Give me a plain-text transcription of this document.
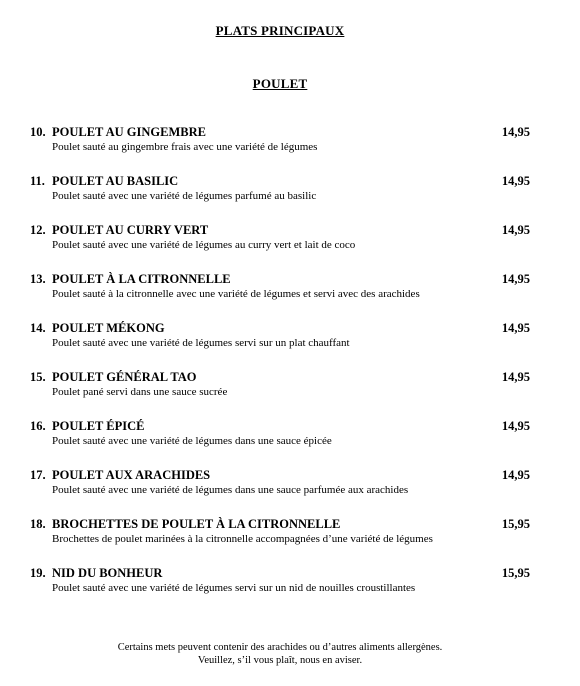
PLATS PRINCIPAUX
POULET
10. POULET AU GINGEMBRE	14,95
Poulet sauté au gingembre frais avec une variété de légumes
11. POULET AU BASILIC	14,95
Poulet sauté avec une variété de légumes parfumé au basilic
12. POULET AU CURRY VERT	14,95
Poulet sauté avec une variété de légumes au curry vert et lait de coco
13. POULET À LA CITRONNELLE	14,95
Poulet sauté à la citronnelle avec une variété de légumes et servi avec des arachides
14. POULET MÉKONG	14,95
Poulet sauté avec une variété de légumes servi sur un plat chauffant
15. POULET GÉNÉRAL TAO	14,95
Poulet pané servi dans une sauce sucrée
16. POULET ÉPICÉ	14,95
Poulet sauté avec une variété de légumes dans une sauce épicée
17. POULET AUX ARACHIDES	14,95
Poulet sauté avec une variété de légumes dans une sauce parfumée aux arachides
18. BROCHETTES DE POULET À LA CITRONNELLE	15,95
Brochettes de poulet marinées à la citronnelle accompagnées d’une variété de légumes
19. NID DU BONHEUR	15,95
Poulet sauté avec une variété de légumes servi sur un nid de nouilles croustillantes
Certains mets peuvent contenir des arachides ou d’autres aliments allergènes.
Veuillez, s’il vous plaît, nous en aviser.
